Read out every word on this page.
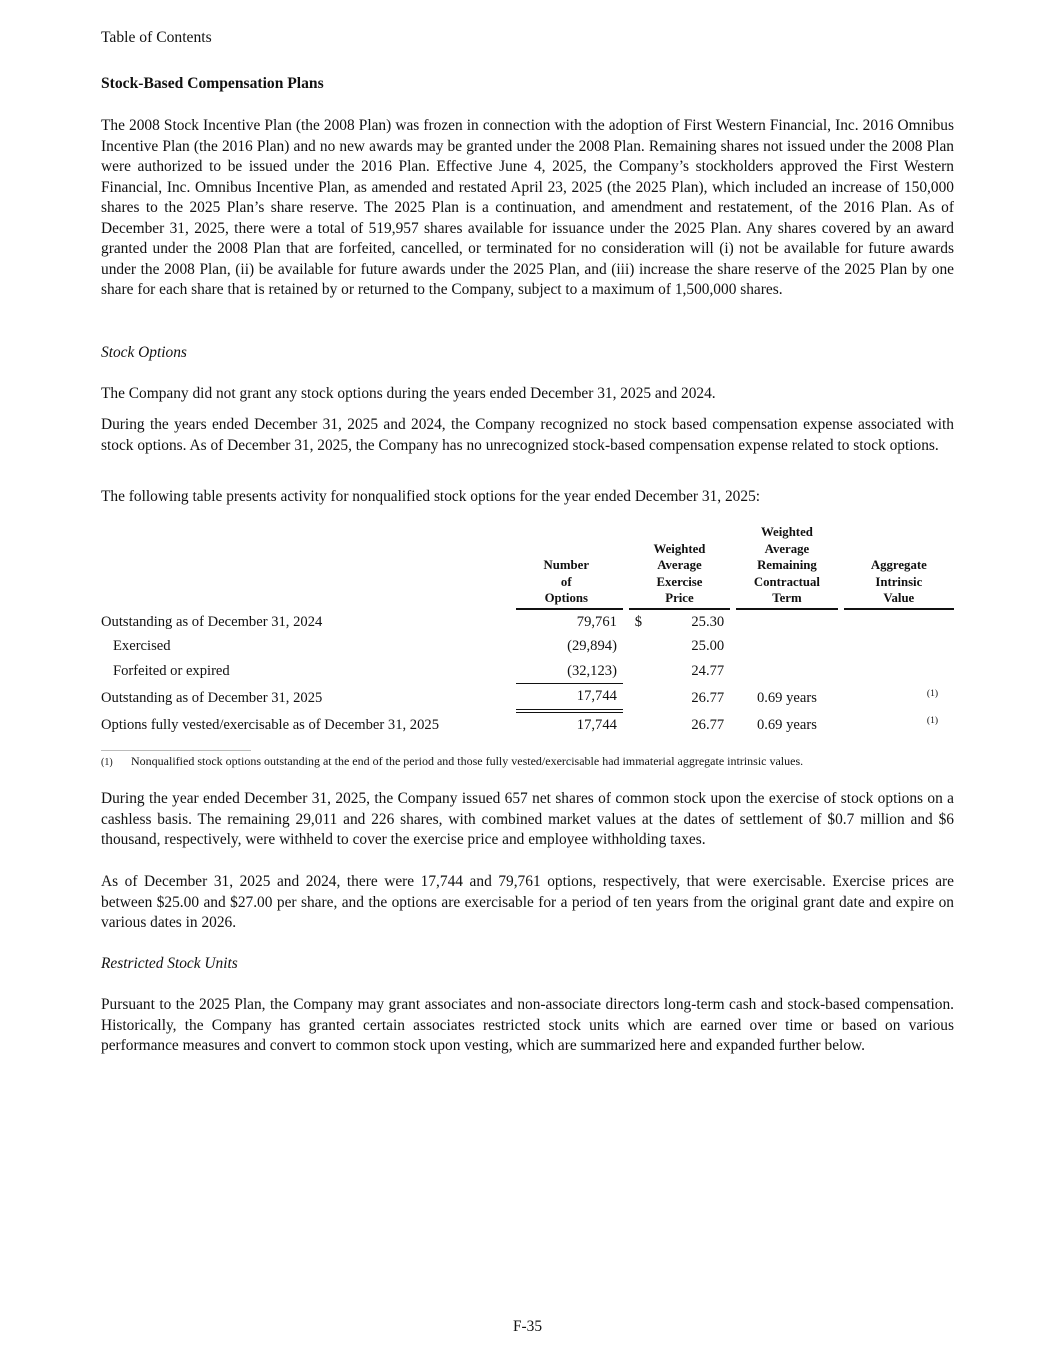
Table of Contents
Stock-Based Compensation Plans

The 2008 Stock Incentive Plan (the 2008 Plan) was frozen in connection with the adoption of First Western Financial, Inc. 2016 Omnibus Incentive Plan (the 2016 Plan) and no new awards may be granted under the 2008 Plan. Remaining shares not issued under the 2008 Plan were authorized to be issued under the 2016 Plan. Effective June 4, 2025, the Company’s stockholders approved the First Western Financial, Inc. Omnibus Incentive Plan, as amended and restated April 23, 2025 (the 2025 Plan), which included an increase of 150,000 shares to the 2025 Plan’s share reserve. The 2025 Plan is a continuation, and amendment and restatement, of the 2016 Plan. As of December 31, 2025, there were a total of 519,957 shares available for issuance under the 2025 Plan. Any shares covered by an award granted under the 2008 Plan that are forfeited, cancelled, or terminated for no consideration will (i) not be available for future awards under the 2008 Plan, (ii) be available for future awards under the 2025 Plan, and (iii) increase the share reserve of the 2025 Plan by one share for each share that is retained by or returned to the Company, subject to a maximum of 1,500,000 shares.

Stock Options

The Company did not grant any stock options during the years ended December 31, 2025 and 2024.

During the years ended December 31, 2025 and 2024, the Company recognized no stock based compensation expense associated with stock options. As of December 31, 2025, the Company has no unrecognized stock-based compensation expense related to stock options.

The following table presents activity for nonqualified stock options for the year ended December 31, 2025:

Number
of
Options

Weighted
Average
Exercise
Price

Weighted
Average
Remaining
Contractual
Term

Aggregate
Intrinsic
Value

Outstanding as of December 31, 2024	79,761		$ 25.30				

Exercised	(29,894)		25.00				

Forfeited or expired	(32,123)		24.77				

Outstanding as of December 31, 2025	17,744		26.77		0.69 years		$^{(1)}$
Options fully vested/exercisable as of December 31, 2025	17,744		26.77		0.69 years		$^{(1)}$
(1) Nonqualified stock options outstanding at the end of the period and those fully vested/exercisable had immaterial aggregate intrinsic values.

During the year ended December 31, 2025, the Company issued 657 net shares of common stock upon the exercise of stock options on a cashless basis. The remaining 29,011 and 226 shares, with combined market values at the dates of settlement of $0.7 million and $6 thousand, respectively, were withheld to cover the exercise price and employee withholding taxes.

As of December 31, 2025 and 2024, there were 17,744 and 79,761 options, respectively, that were exercisable. Exercise prices are between $25.00 and $27.00 per share, and the options are exercisable for a period of ten years from the original grant date and expire on various dates in 2026.

Restricted Stock Units

Pursuant to the 2025 Plan, the Company may grant associates and non-associate directors long-term cash and stock-based compensation. Historically, the Company has granted certain associates restricted stock units which are earned over time or based on various performance measures and convert to common stock upon vesting, which are summarized here and expanded further below.

F-35
